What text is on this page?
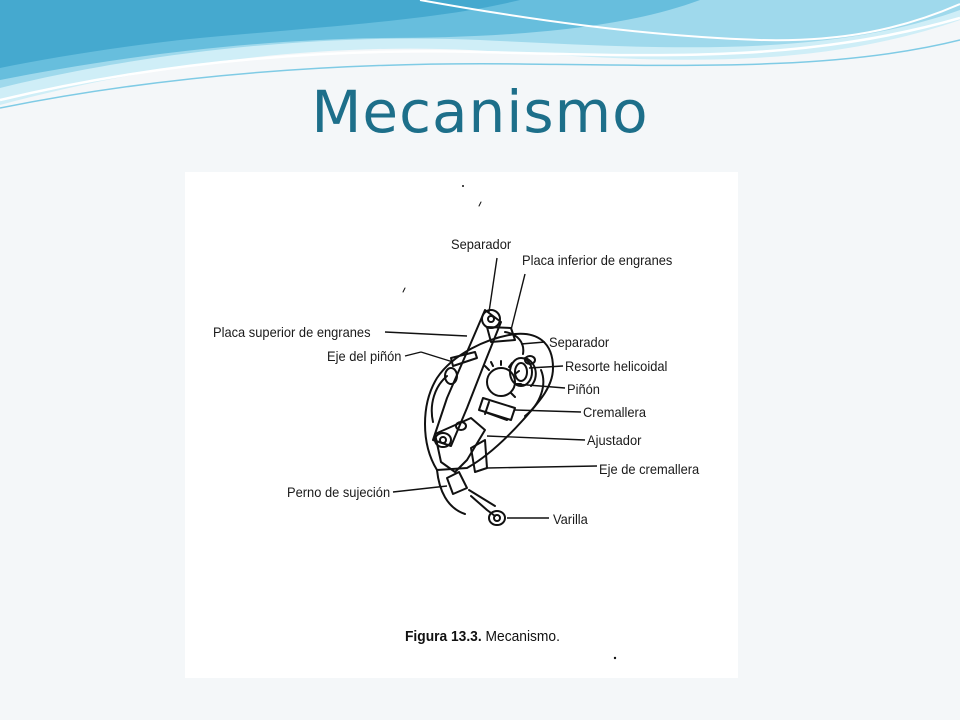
Mecanismo
Separador
Placa inferior de engranes
Placa superior de engranes
Separador
Eje del piñón
Resorte helicoidal
Piñón
Cremallera
Ajustador
Eje de cremallera
Perno de sujeción
Varilla
Figura 13.3. Mecanismo.
